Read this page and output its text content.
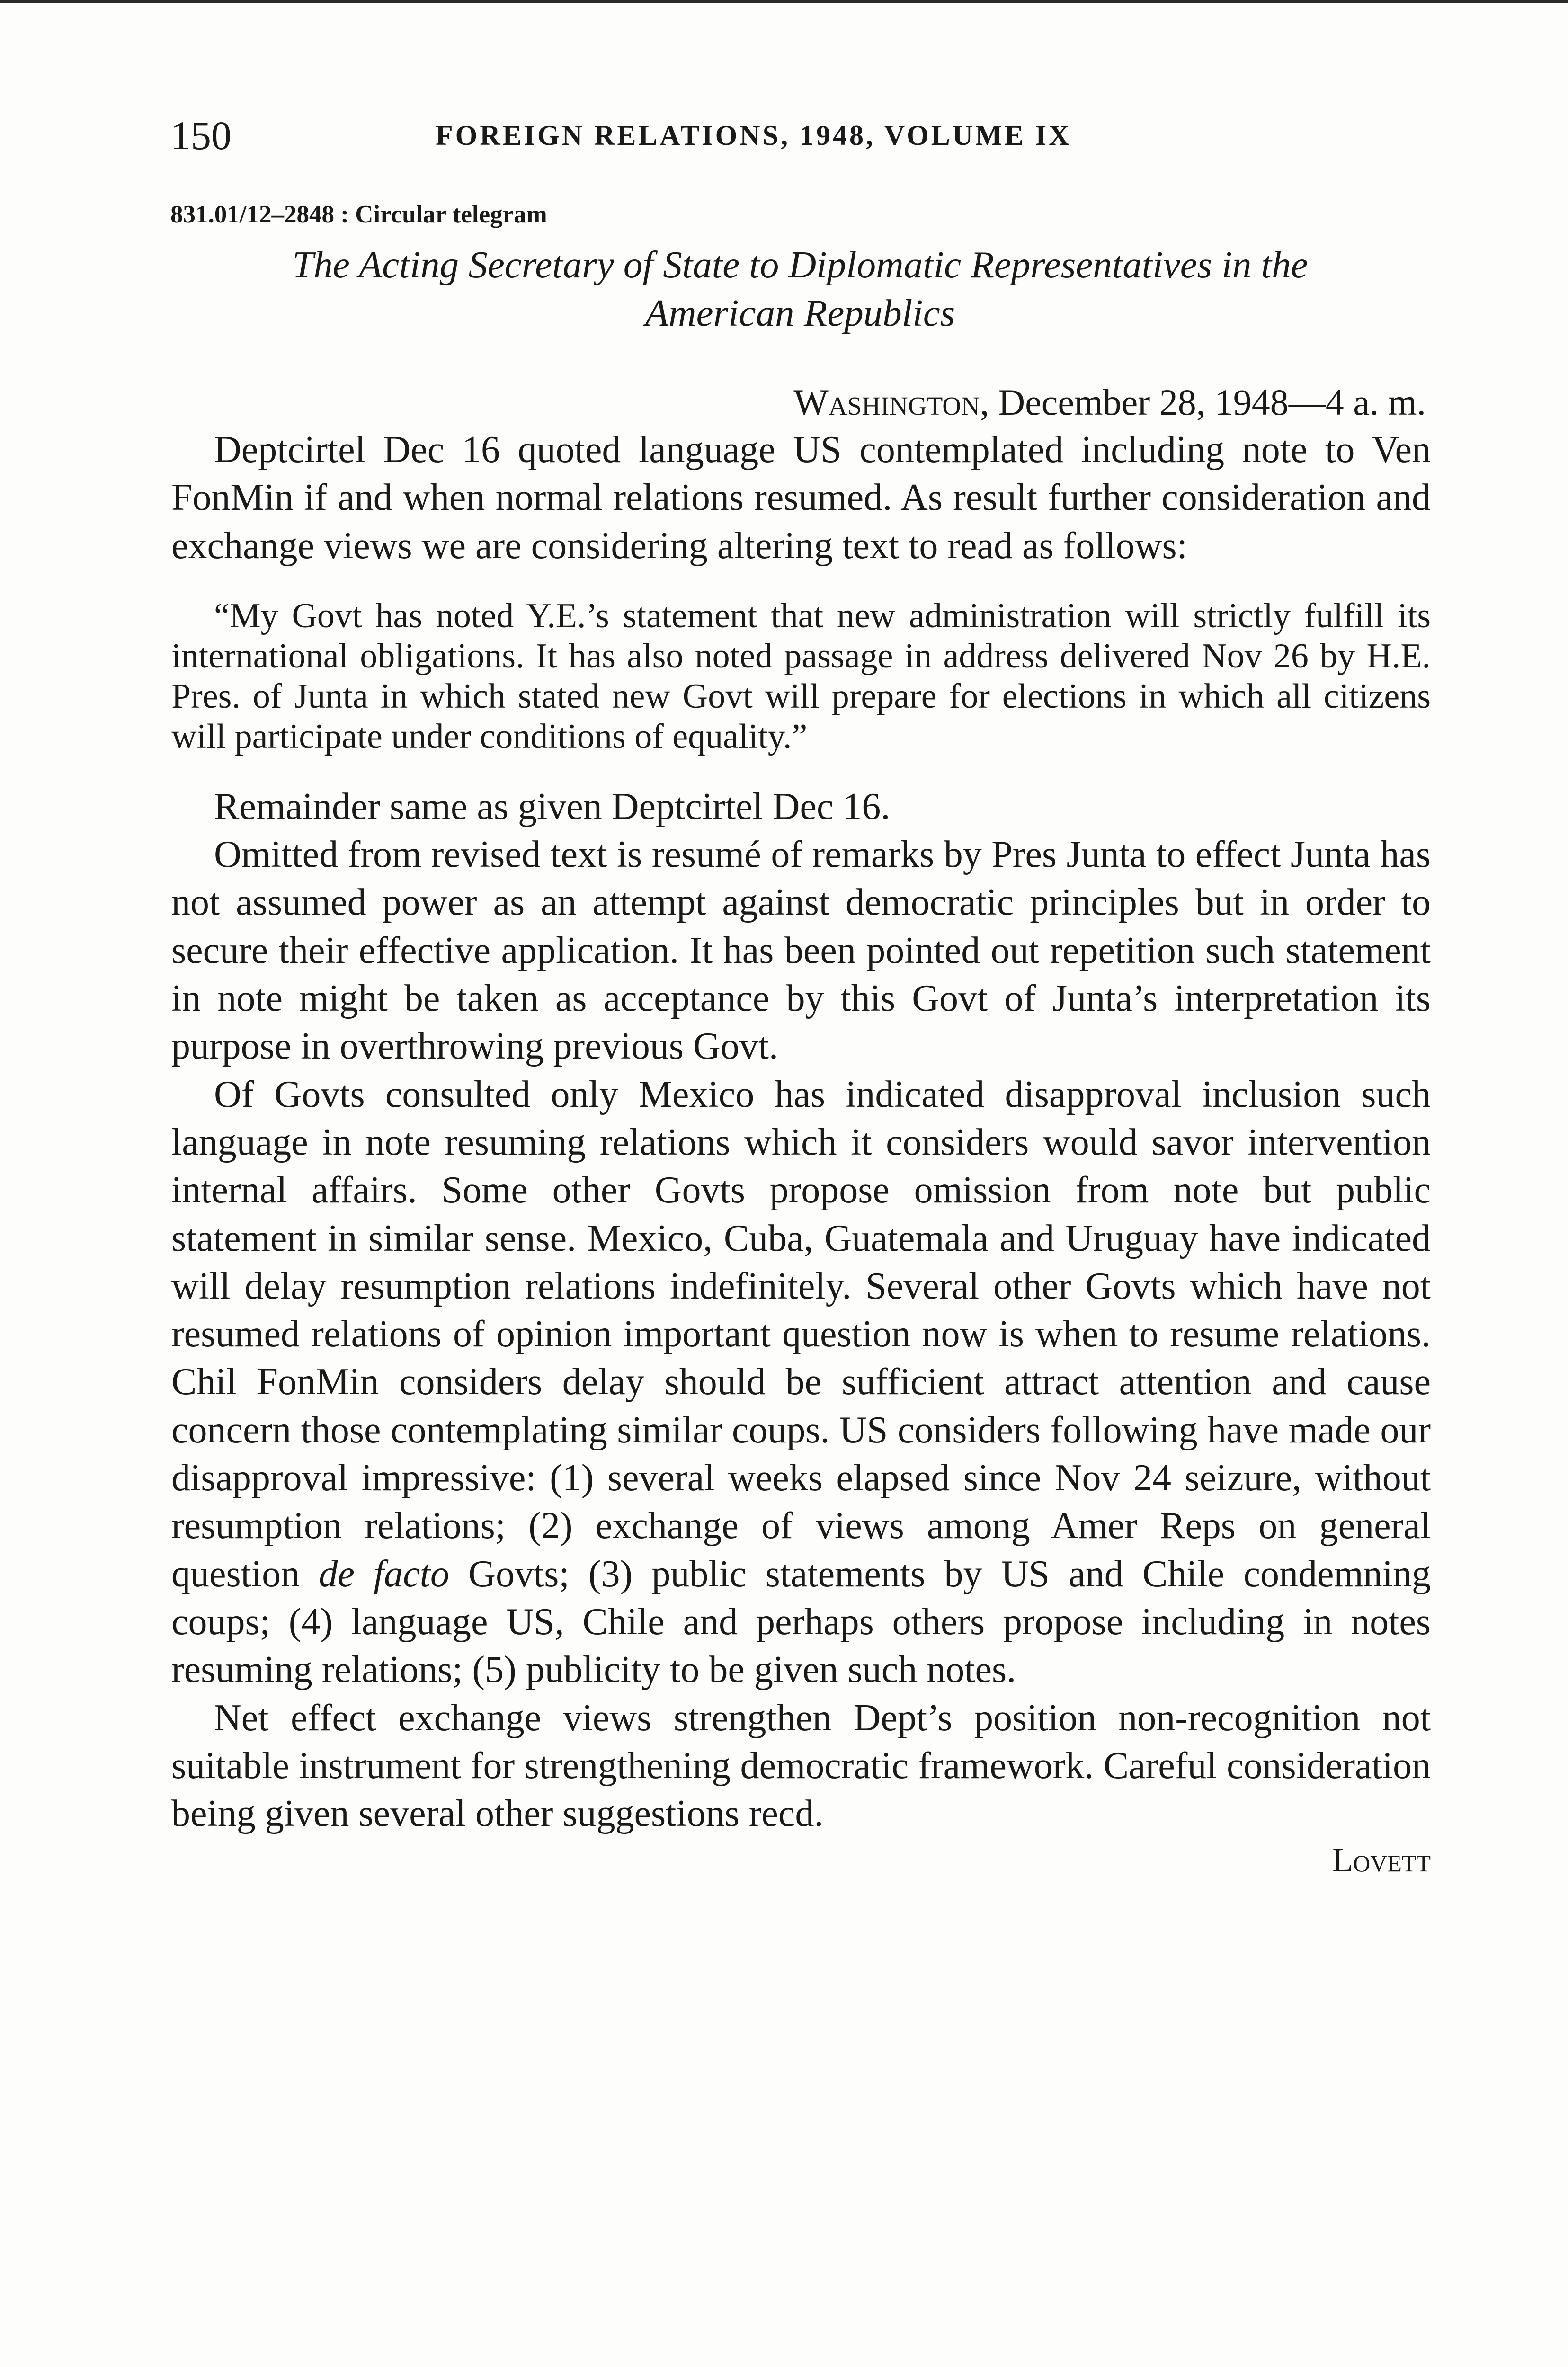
150	FOREIGN RELATIONS, 1948, VOLUME IX
831.01/12–2848 : Circular telegram
The Acting Secretary of State to Diplomatic Representatives in the
American Republics
Washington, December 28, 1948—4 a. m.

Deptcirtel Dec 16 quoted language US contemplated including note to Ven FonMin if and when normal relations resumed. As result further consideration and exchange views we are considering altering text to read as follows:

“My Govt has noted Y.E.’s statement that new administration will strictly fulfill its international obligations. It has also noted passage in address delivered Nov 26 by H.E. Pres. of Junta in which stated new Govt will prepare for elections in which all citizens will participate under conditions of equality.”

Remainder same as given Deptcirtel Dec 16.

Omitted from revised text is resumé of remarks by Pres Junta to effect Junta has not assumed power as an attempt against democratic principles but in order to secure their effective application. It has been pointed out repetition such statement in note might be taken as acceptance by this Govt of Junta’s interpretation its purpose in overthrowing previous Govt.

Of Govts consulted only Mexico has indicated disapproval inclusion such language in note resuming relations which it considers would savor intervention internal affairs. Some other Govts propose omission from note but public statement in similar sense. Mexico, Cuba, Guatemala and Uruguay have indicated will delay resumption relations indefinitely. Several other Govts which have not resumed relations of opinion important question now is when to resume relations. Chil FonMin considers delay should be sufficient attract attention and cause concern those contemplating similar coups. US considers following have made our disapproval impressive: (1) several weeks elapsed since Nov 24 seizure, without resumption relations; (2) exchange of views among Amer Reps on general question de facto Govts; (3) public statements by US and Chile condemning coups; (4) language US, Chile and perhaps others propose including in notes resuming relations; (5) publicity to be given such notes.

Net effect exchange views strengthen Dept’s position non-recognition not suitable instrument for strengthening democratic framework. Careful consideration being given several other suggestions recd.

Lovett
